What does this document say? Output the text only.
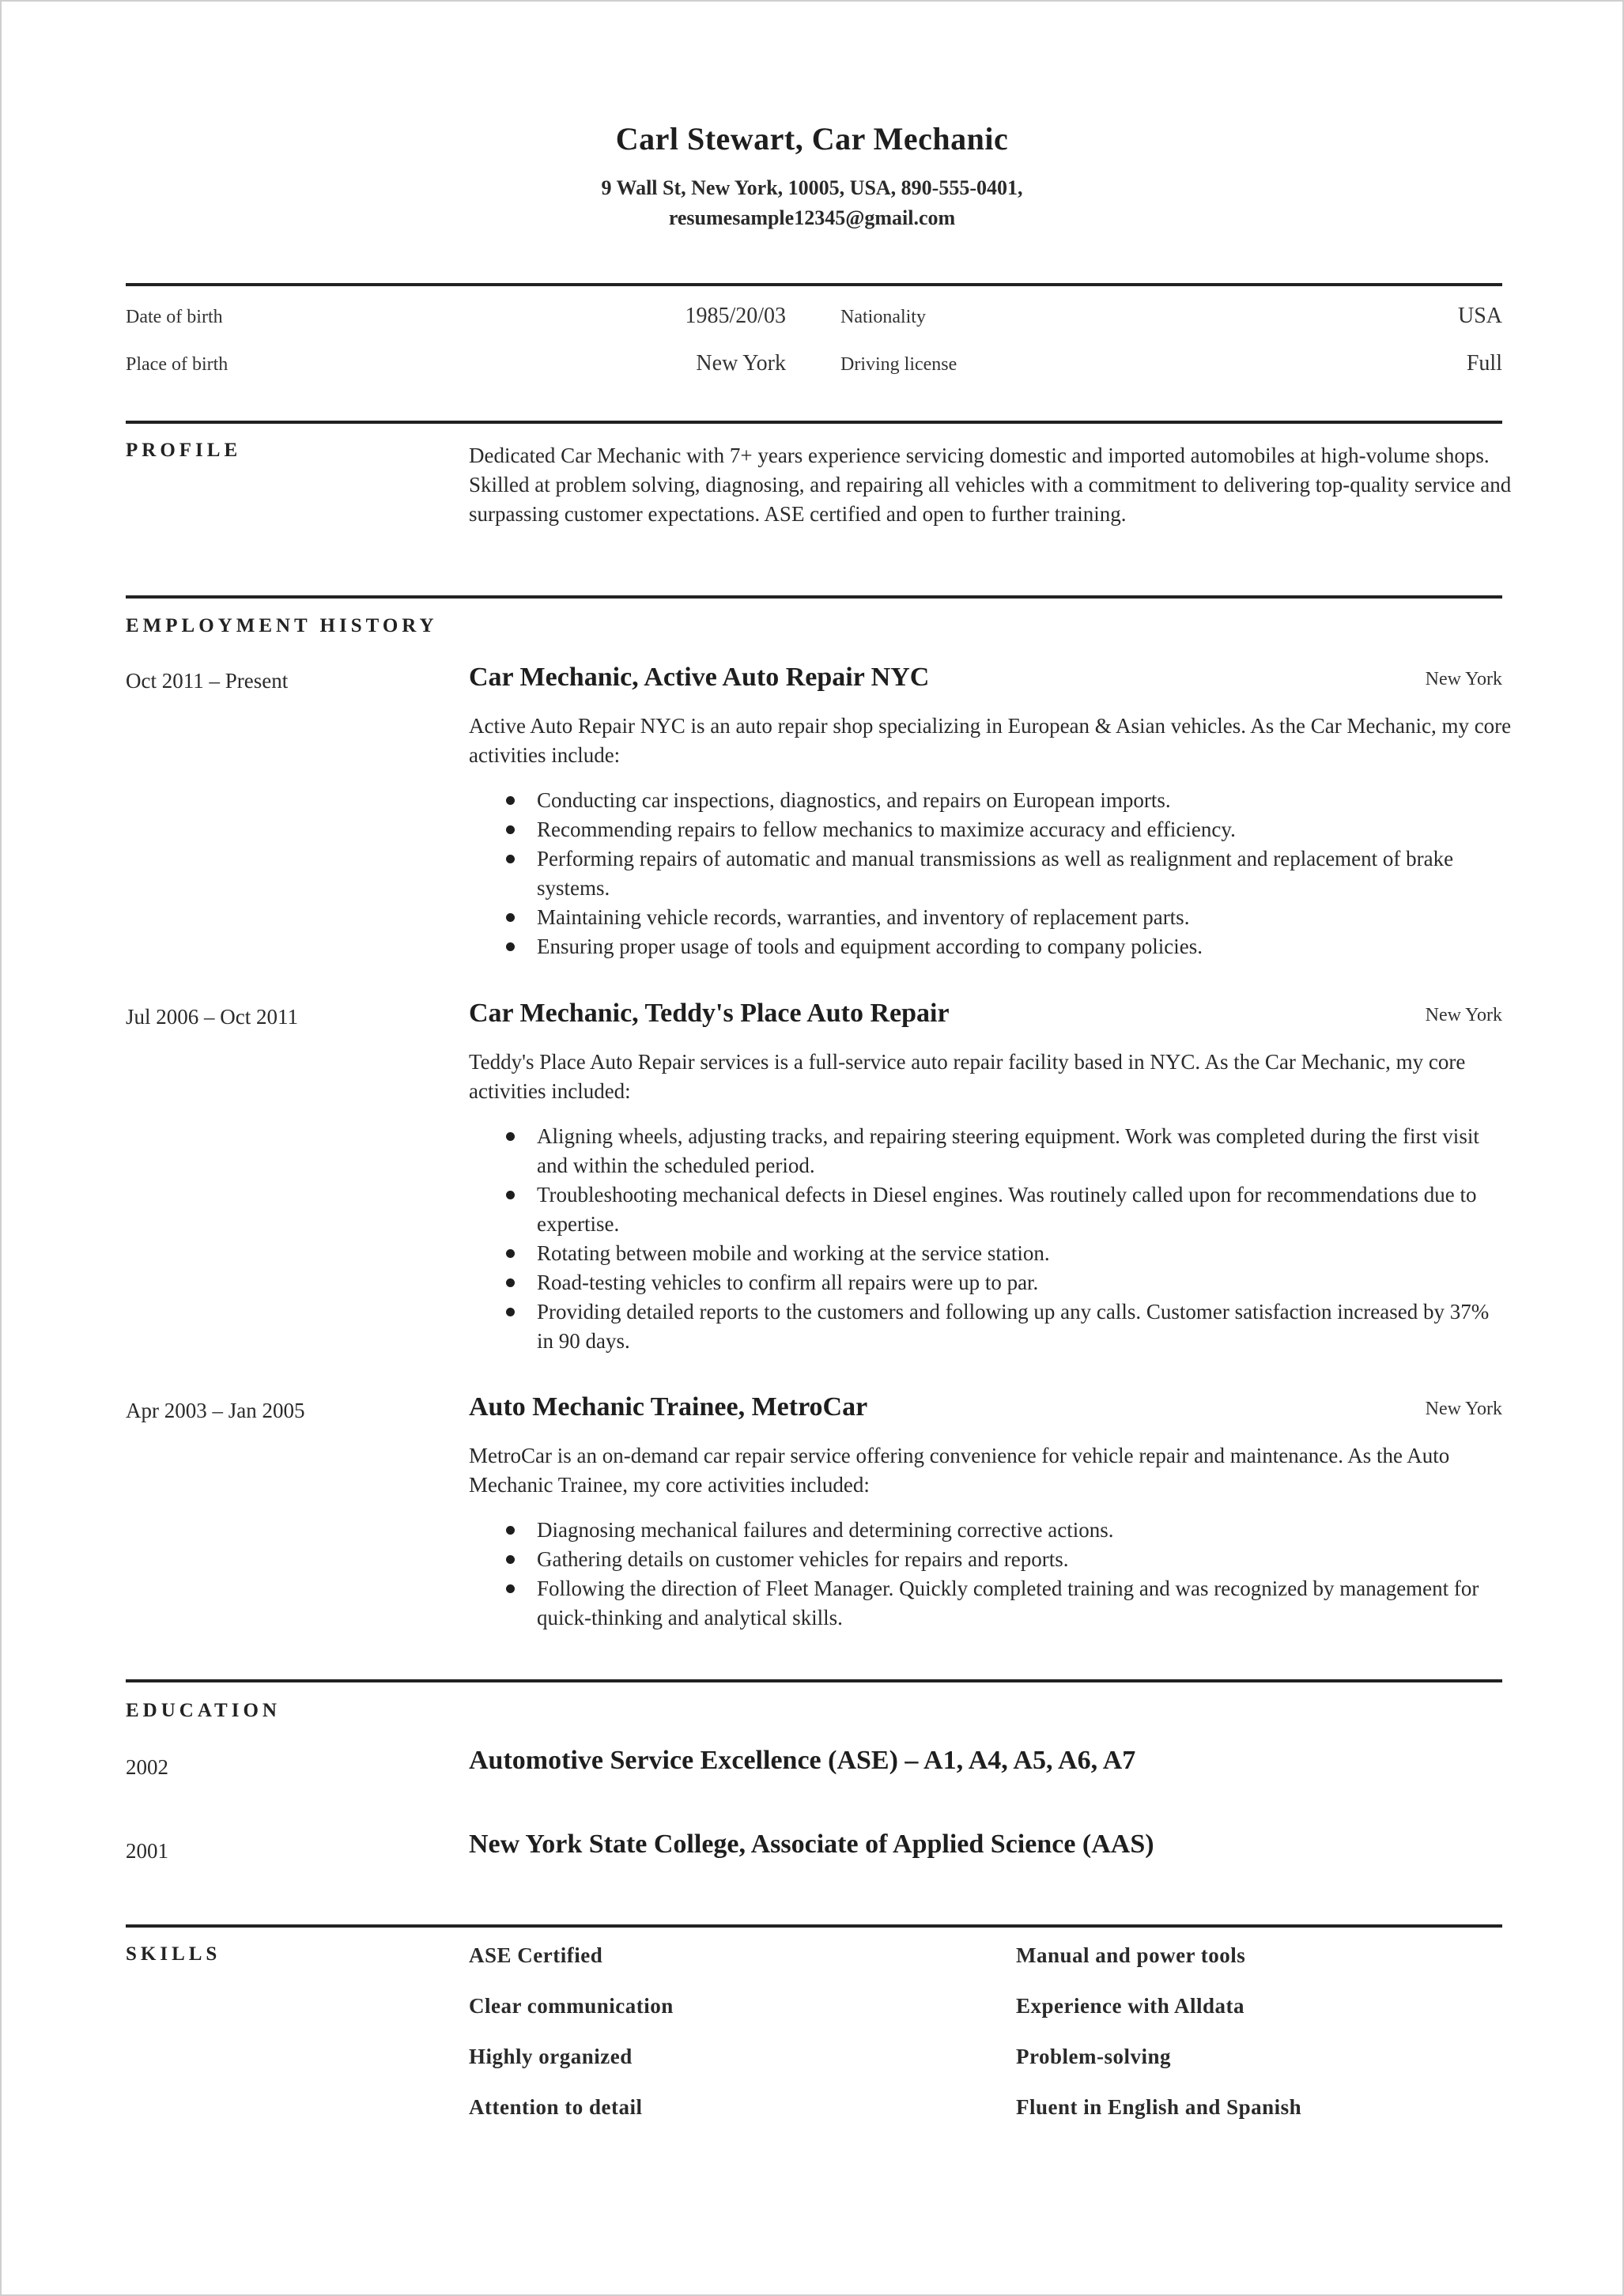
Carl Stewart, Car Mechanic
9 Wall St, New York, 10005, USA, 890-555-0401,
resumesample12345@gmail.com
Date of birth	1985/20/03	Nationality	USA
Place of birth	New York	Driving license	Full
PROFILE	Dedicated Car Mechanic with 7+ years experience servicing domestic and imported automobiles at high-volume shops. Skilled at problem solving, diagnosing, and repairing all vehicles with a commitment to delivering top-quality service and surpassing customer expectations. ASE certified and open to further training.
EMPLOYMENT HISTORY
Oct 2011 – Present	Car Mechanic, Active Auto Repair NYC	New York
Active Auto Repair NYC is an auto repair shop specializing in European & Asian vehicles. As the Car Mechanic, my core activities include:
Conducting car inspections, diagnostics, and repairs on European imports.
Recommending repairs to fellow mechanics to maximize accuracy and efficiency.
Performing repairs of automatic and manual transmissions as well as realignment and replacement of brake systems.
Maintaining vehicle records, warranties, and inventory of replacement parts.
Ensuring proper usage of tools and equipment according to company policies.
Jul 2006 – Oct 2011	Car Mechanic, Teddy's Place Auto Repair	New York
Teddy's Place Auto Repair services is a full-service auto repair facility based in NYC. As the Car Mechanic, my core activities included:
Aligning wheels, adjusting tracks, and repairing steering equipment. Work was completed during the first visit and within the scheduled period.
Troubleshooting mechanical defects in Diesel engines. Was routinely called upon for recommendations due to expertise.
Rotating between mobile and working at the service station.
Road-testing vehicles to confirm all repairs were up to par.
Providing detailed reports to the customers and following up any calls. Customer satisfaction increased by 37% in 90 days.
Apr 2003 – Jan 2005	Auto Mechanic Trainee, MetroCar	New York
MetroCar is an on-demand car repair service offering convenience for vehicle repair and maintenance. As the Auto Mechanic Trainee, my core activities included:
Diagnosing mechanical failures and determining corrective actions.
Gathering details on customer vehicles for repairs and reports.
Following the direction of Fleet Manager. Quickly completed training and was recognized by management for quick-thinking and analytical skills.
EDUCATION
2002	Automotive Service Excellence (ASE) – A1, A4, A5, A6, A7
2001	New York State College, Associate of Applied Science (AAS)
SKILLS	ASE Certified	Manual and power tools
Clear communication	Experience with Alldata
Highly organized	Problem-solving
Attention to detail	Fluent in English and Spanish
